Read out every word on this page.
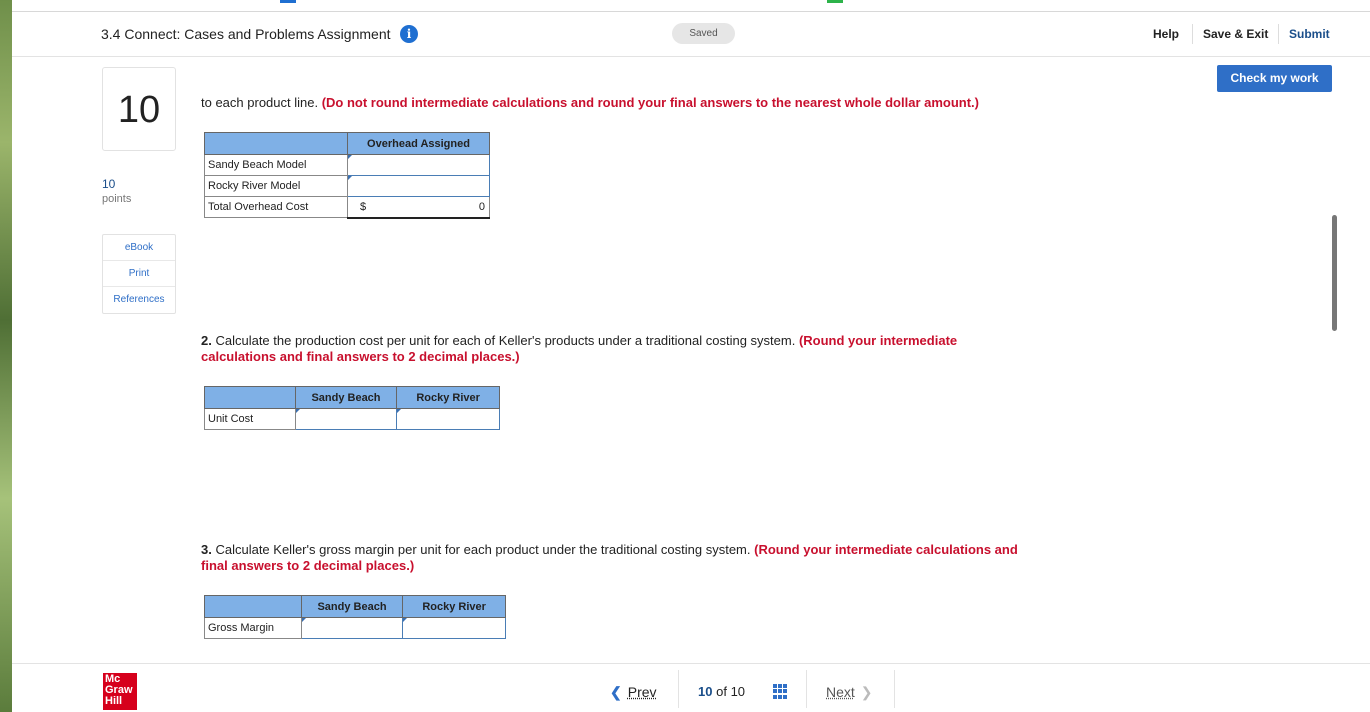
3.4 Connect: Cases and Problems Assignment	i	Saved	Help Save & Exit Submit
Check my work
10
10
points
eBook
Print
References
to each product line. (Do not round intermediate calculations and round your final answers to the nearest whole dollar amount.)
	Overhead Assigned
Sandy Beach Model	
Rocky River Model	
Total Overhead Cost	$ 0
2. Calculate the production cost per unit for each of Keller's products under a traditional costing system. (Round your intermediate calculations and final answers to 2 decimal places.)
	Sandy Beach	Rocky River
Unit Cost		
3. Calculate Keller's gross margin per unit for each product under the traditional costing system. (Round your intermediate calculations and final answers to 2 decimal places.)
	Sandy Beach	Rocky River
Gross Margin		
Mc
Graw
Hill
❮ Prev	10 of 10	Next ❯
